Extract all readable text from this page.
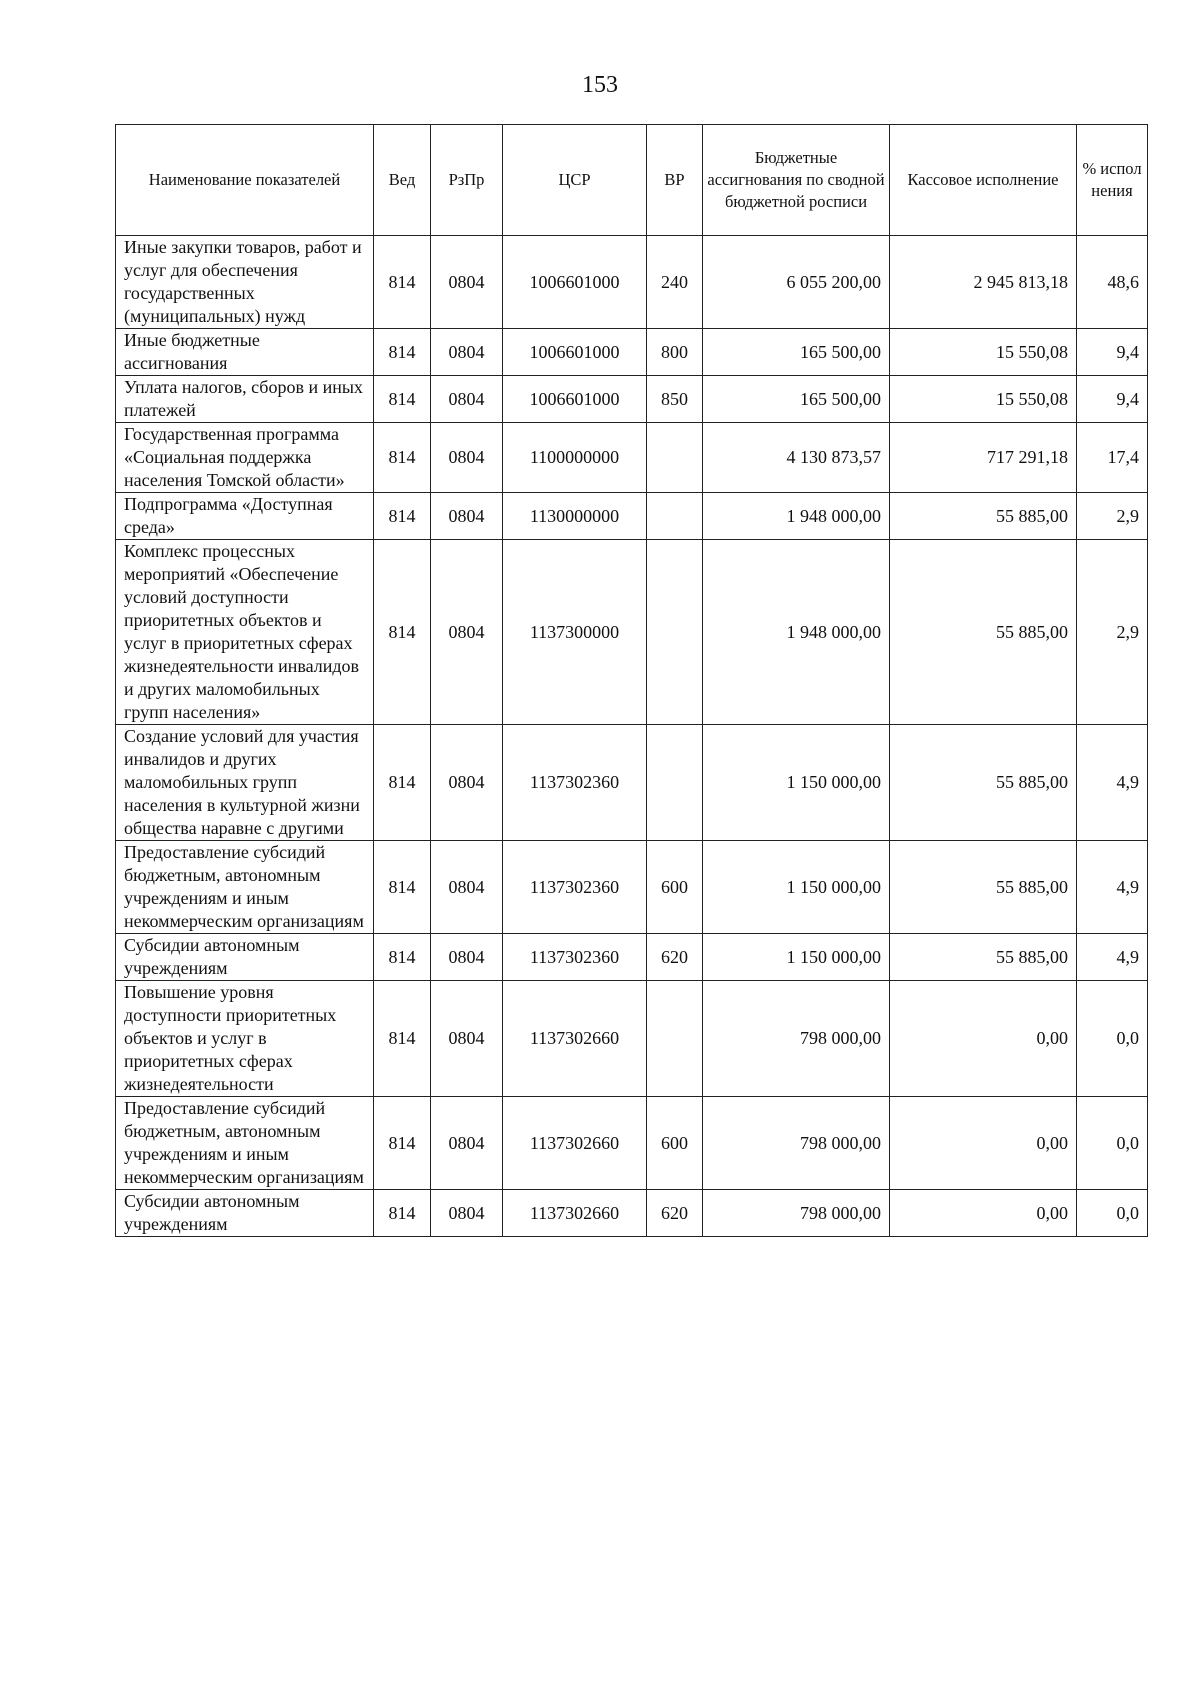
153
Наименование показателей	Вед	РзПр	ЦСР	ВР	Бюджетные ассигнования по сводной бюджетной росписи	Кассовое исполнение	% испол нения
Иные закупки товаров, работ и услуг для обеспечения государственных (муниципальных) нужд	814	0804	1006601000	240	6 055 200,00	2 945 813,18	48,6
Иные бюджетные ассигнования	814	0804	1006601000	800	165 500,00	15 550,08	9,4
Уплата налогов, сборов и иных платежей	814	0804	1006601000	850	165 500,00	15 550,08	9,4
Государственная программа «Социальная поддержка населения Томской области»	814	0804	1100000000		4 130 873,57	717 291,18	17,4
Подпрограмма «Доступная среда»	814	0804	1130000000		1 948 000,00	55 885,00	2,9
Комплекс процессных мероприятий «Обеспечение условий доступности приоритетных объектов и услуг в приоритетных сферах жизнедеятельности инвалидов и других маломобильных групп населения»	814	0804	1137300000		1 948 000,00	55 885,00	2,9
Создание условий для участия инвалидов и других маломобильных групп населения в культурной жизни общества наравне с другими	814	0804	1137302360		1 150 000,00	55 885,00	4,9
Предоставление субсидий бюджетным, автономным учреждениям и иным некоммерческим организациям	814	0804	1137302360	600	1 150 000,00	55 885,00	4,9
Субсидии автономным учреждениям	814	0804	1137302360	620	1 150 000,00	55 885,00	4,9
Повышение уровня доступности приоритетных объектов и услуг в приоритетных сферах жизнедеятельности	814	0804	1137302660		798 000,00	0,00	0,0
Предоставление субсидий бюджетным, автономным учреждениям и иным некоммерческим организациям	814	0804	1137302660	600	798 000,00	0,00	0,0
Субсидии автономным учреждениям	814	0804	1137302660	620	798 000,00	0,00	0,0
